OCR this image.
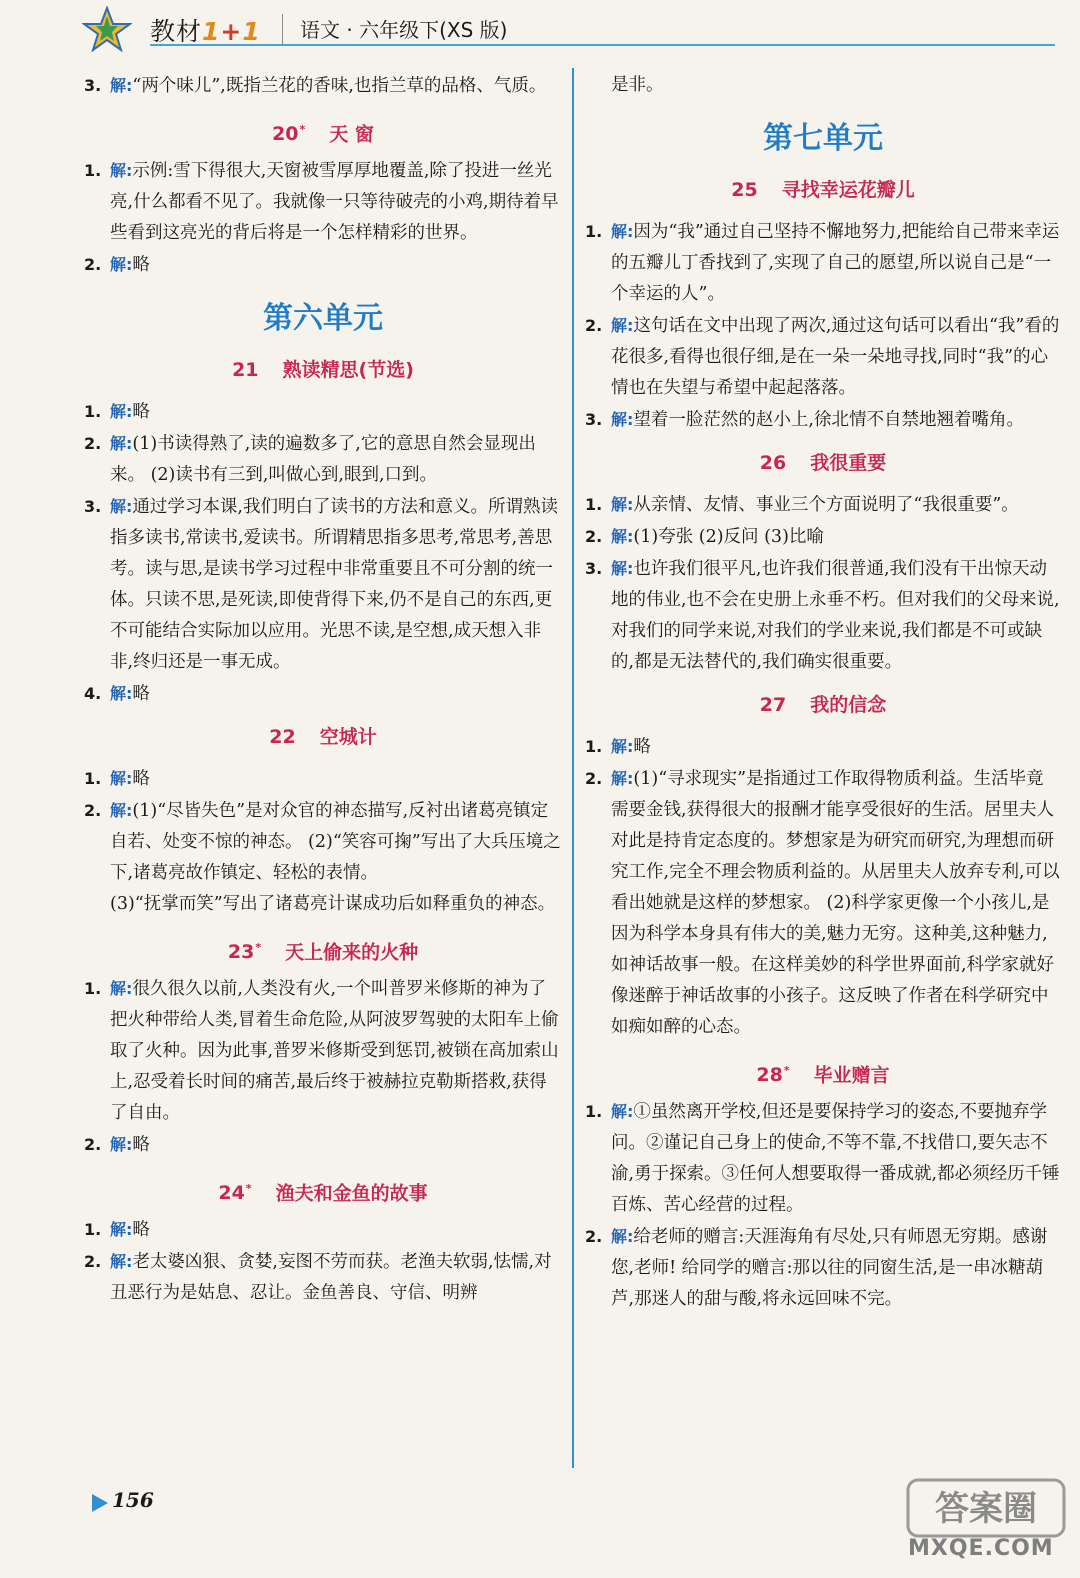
教材1+1 语文 · 六年级下(XS 版)
3. 解:“两个味儿”,既指兰花的香味,也指兰草的品格、气质。
20* 天 窗
1. 解:示例:雪下得很大,天窗被雪厚厚地覆盖,除了投进一丝光亮,什么都看不见了。我就像一只等待破壳的小鸡,期待着早些看到这亮光的背后将是一个怎样精彩的世界。
2. 解:略
第六单元
21 熟读精思(节选)
1. 解:略
2. 解:(1)书读得熟了,读的遍数多了,它的意思自然会显现出来。 (2)读书有三到,叫做心到,眼到,口到。
3. 解:通过学习本课,我们明白了读书的方法和意义。所谓熟读指多读书,常读书,爱读书。所谓精思指多思考,常思考,善思考。读与思,是读书学习过程中非常重要且不可分割的统一体。只读不思,是死读,即使背得下来,仍不是自己的东西,更不可能结合实际加以应用。光思不读,是空想,成天想入非非,终归还是一事无成。
4. 解:略
22 空城计
1. 解:略
2. 解:(1)“尽皆失色”是对众官的神态描写,反衬出诸葛亮镇定自若、处变不惊的神态。 (2)“笑容可掬”写出了大兵压境之下,诸葛亮故作镇定、轻松的表情。
(3)“抚掌而笑”写出了诸葛亮计谋成功后如释重负的神态。
23* 天上偷来的火种
1. 解:很久很久以前,人类没有火,一个叫普罗米修斯的神为了把火种带给人类,冒着生命危险,从阿波罗驾驶的太阳车上偷取了火种。因为此事,普罗米修斯受到惩罚,被锁在高加索山上,忍受着长时间的痛苦,最后终于被赫拉克勒斯搭救,获得了自由。
2. 解:略
24* 渔夫和金鱼的故事
1. 解:略
2. 解:老太婆凶狠、贪婪,妄图不劳而获。老渔夫软弱,怯懦,对丑恶行为是姑息、忍让。金鱼善良、守信、明辨
是非。
第七单元
25 寻找幸运花瓣儿
1. 解:因为“我”通过自己坚持不懈地努力,把能给自己带来幸运的五瓣儿丁香找到了,实现了自己的愿望,所以说自己是“一个幸运的人”。
2. 解:这句话在文中出现了两次,通过这句话可以看出“我”看的花很多,看得也很仔细,是在一朵一朵地寻找,同时“我”的心情也在失望与希望中起起落落。
3. 解:望着一脸茫然的赵小上,徐北情不自禁地翘着嘴角。
26 我很重要
1. 解:从亲情、友情、事业三个方面说明了“我很重要”。
2. 解:(1)夸张 (2)反问 (3)比喻
3. 解:也许我们很平凡,也许我们很普通,我们没有干出惊天动地的伟业,也不会在史册上永垂不朽。但对我们的父母来说,对我们的同学来说,对我们的学业来说,我们都是不可或缺的,都是无法替代的,我们确实很重要。
27 我的信念
1. 解:略
2. 解:(1)“寻求现实”是指通过工作取得物质利益。生活毕竟需要金钱,获得很大的报酬才能享受很好的生活。居里夫人对此是持肯定态度的。梦想家是为研究而研究,为理想而研究工作,完全不理会物质利益的。从居里夫人放弃专利,可以看出她就是这样的梦想家。 (2)科学家更像一个小孩儿,是因为科学本身具有伟大的美,魅力无穷。这种美,这种魅力,如神话故事一般。在这样美妙的科学世界面前,科学家就好像迷醉于神话故事的小孩子。这反映了作者在科学研究中如痴如醉的心态。
28* 毕业赠言
1. 解:①虽然离开学校,但还是要保持学习的姿态,不要抛弃学问。②谨记自己身上的使命,不等不靠,不找借口,要矢志不渝,勇于探索。③任何人想要取得一番成就,都必须经历千锤百炼、苦心经营的过程。
2. 解:给老师的赠言:天涯海角有尽处,只有师恩无穷期。感谢您,老师! 给同学的赠言:那以往的同窗生活,是一串冰糖葫芦,那迷人的甜与酸,将永远回味不完。
156	答案圈
MXQE.COM
